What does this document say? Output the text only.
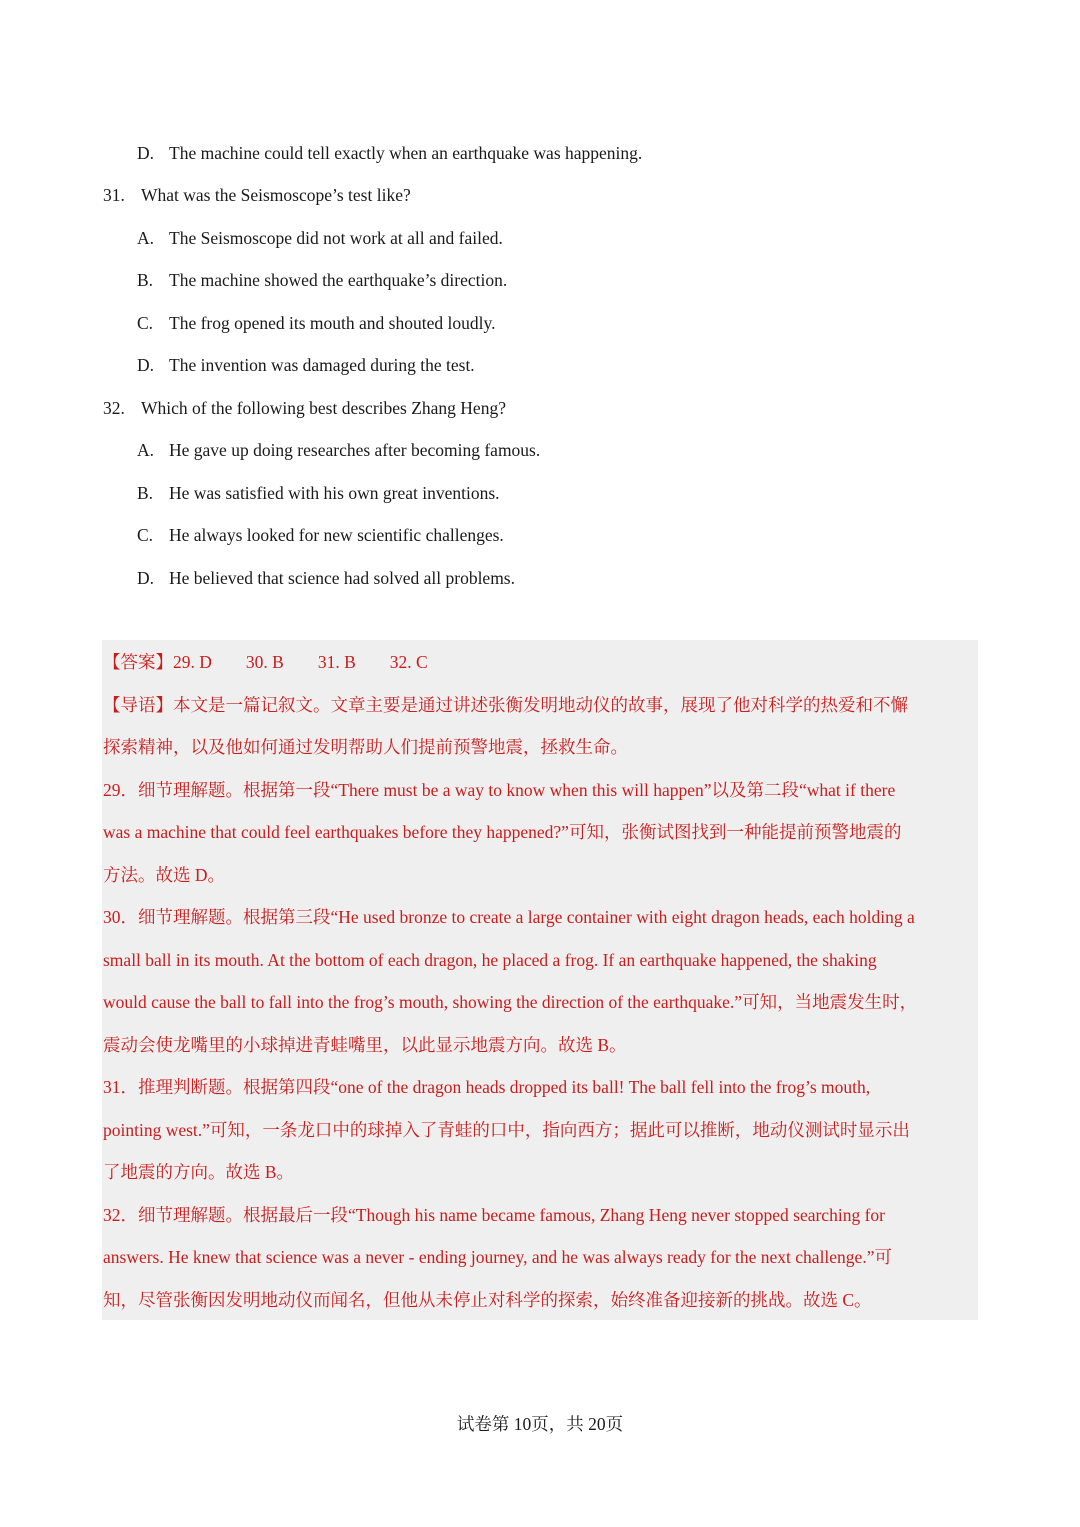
D. The machine could tell exactly when an earthquake was happening.
31. What was the Seismoscope’s test like?
A. The Seismoscope did not work at all and failed.
B. The machine showed the earthquake’s direction.
C. The frog opened its mouth and shouted loudly.
D. The invention was damaged during the test.
32. Which of the following best describes Zhang Heng?
A. He gave up doing researches after becoming famous.
B. He was satisfied with his own great inventions.
C. He always looked for new scientific challenges.
D. He believed that science had solved all problems.
【答案】29. D 30. B 31. B 32. C
【导语】本文是一篇记叙文。文章主要是通过讲述张衡发明地动仪的故事，展现了他对科学的热爱和不懈
探索精神，以及他如何通过发明帮助人们提前预警地震，拯救生命。
29．细节理解题。根据第一段“There must be a way to know when this will happen”以及第二段“what if there
was a machine that could feel earthquakes before they happened?”可知，张衡试图找到一种能提前预警地震的
方法。故选 D。
30．细节理解题。根据第三段“He used bronze to create a large container with eight dragon heads, each holding a
small ball in its mouth. At the bottom of each dragon, he placed a frog. If an earthquake happened, the shaking
would cause the ball to fall into the frog’s mouth, showing the direction of the earthquake.”可知，当地震发生时，
震动会使龙嘴里的小球掉进青蛙嘴里，以此显示地震方向。故选 B。
31．推理判断题。根据第四段“one of the dragon heads dropped its ball! The ball fell into the frog’s mouth,
pointing west.”可知，一条龙口中的球掉入了青蛙的口中，指向西方；据此可以推断，地动仪测试时显示出
了地震的方向。故选 B。
32．细节理解题。根据最后一段“Though his name became famous, Zhang Heng never stopped searching for
answers. He knew that science was a never - ending journey, and he was always ready for the next challenge.”可
知，尽管张衡因发明地动仪而闻名，但他从未停止对科学的探索，始终准备迎接新的挑战。故选 C。
试卷第 10页，共 20页
